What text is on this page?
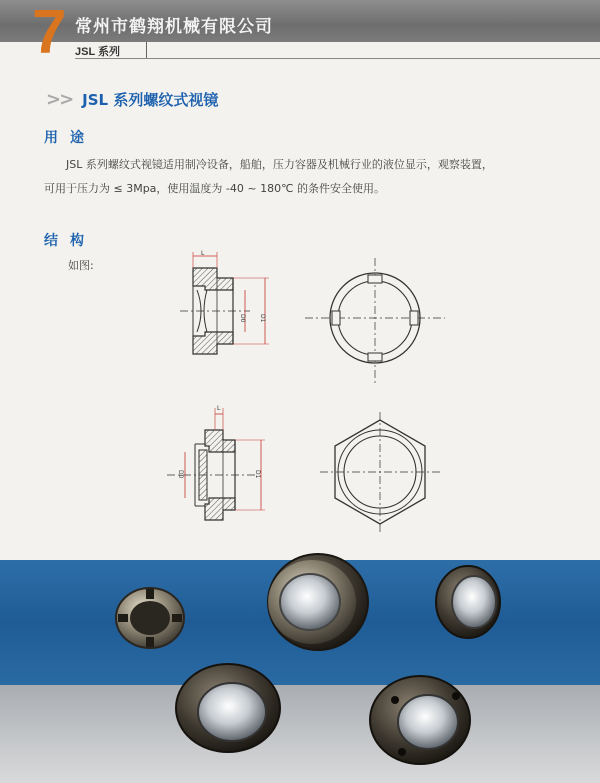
7 常州市鹤翔机械有限公司
JSL 系列
>> JSL 系列螺纹式视镜
用途
JSL 系列螺纹式视镜适用制冷设备，船舶，压力容器及机械行业的液位显示，观察装置，
可用于压力为 ≤ 3Mpa，使用温度为 -40 ~ 180℃ 的条件安全使用。
结构
如图:
L
D0 D1
L
D0	D1
